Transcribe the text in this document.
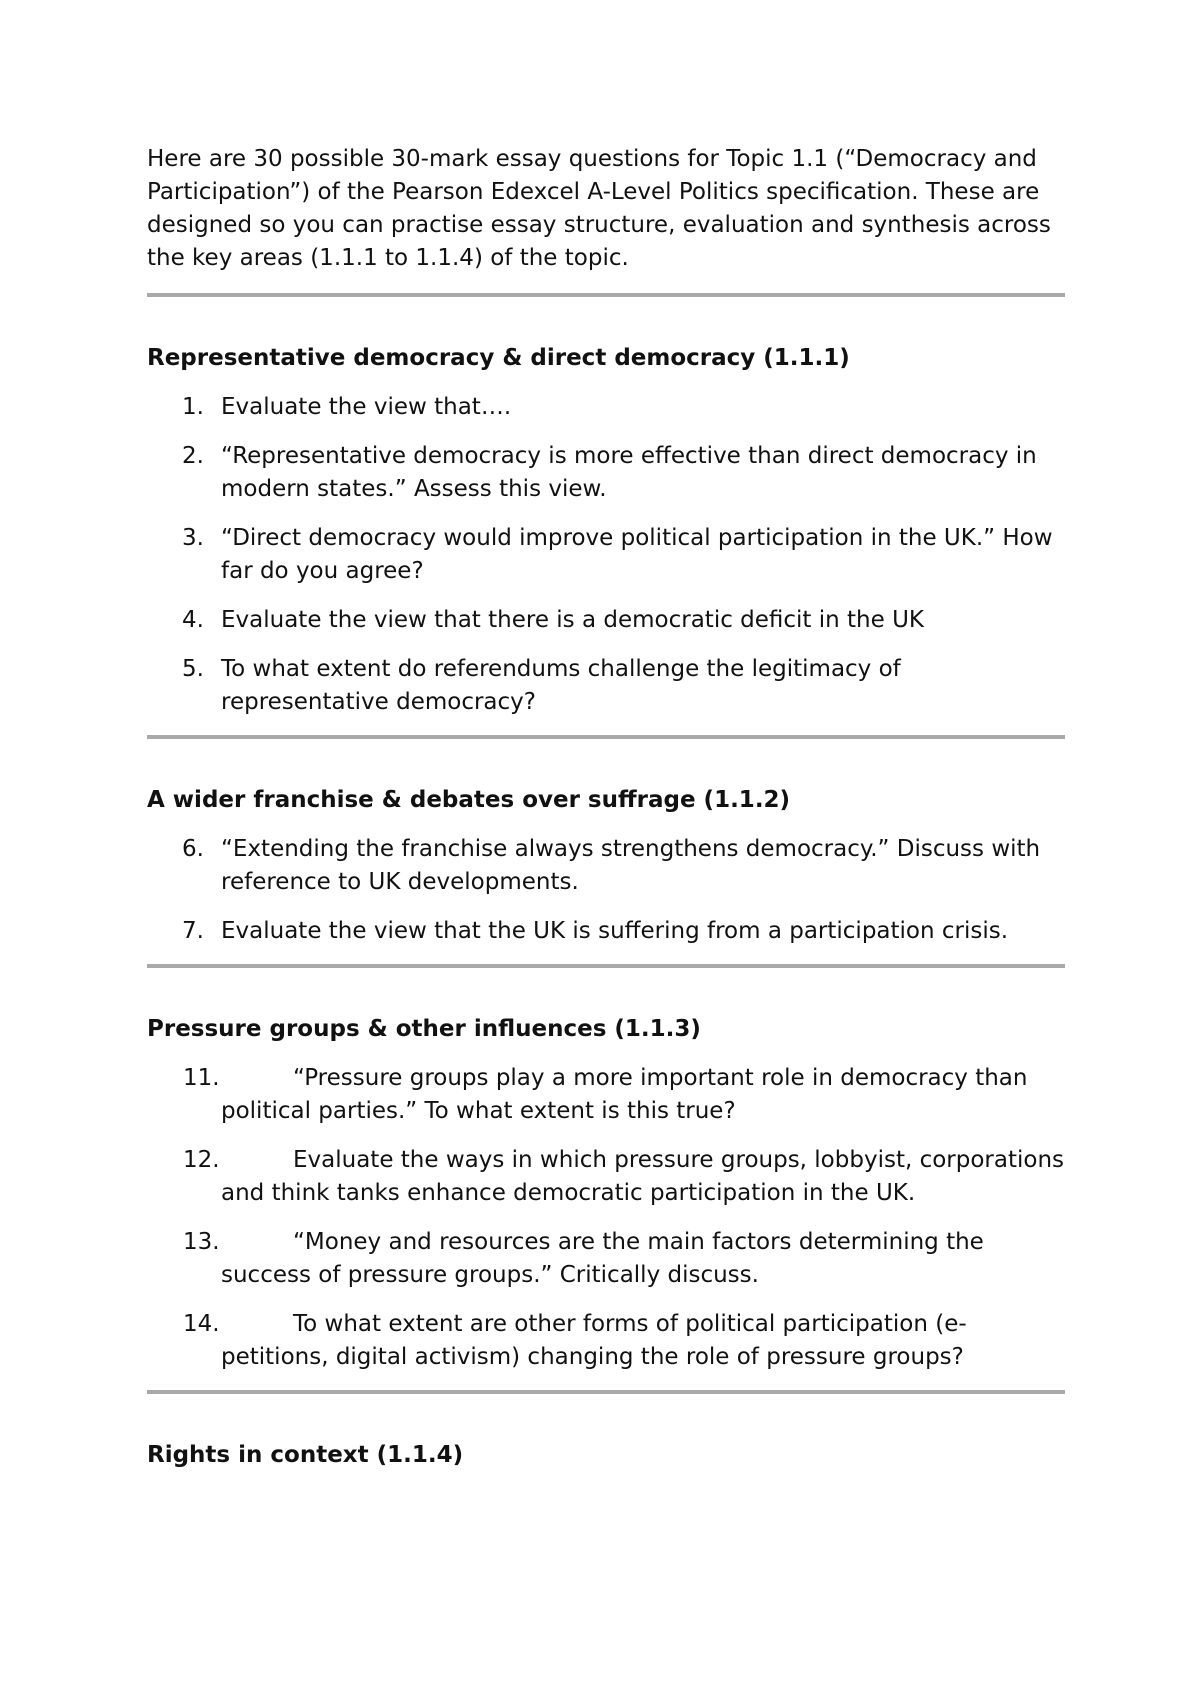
Here are 30 possible 30-mark essay questions for Topic 1.1 (“Democracy and Participation”) of the Pearson Edexcel A-Level Politics specification. These are designed so you can practise essay structure, evaluation and synthesis across the key areas (1.1.1 to 1.1.4) of the topic.

Representative democracy & direct democracy (1.1.1)
1. Evaluate the view that….
2. “Representative democracy is more effective than direct democracy in modern states.” Assess this view.
3. “Direct democracy would improve political participation in the UK.” How far do you agree?
4. Evaluate the view that there is a democratic deficit in the UK
5. To what extent do referendums challenge the legitimacy of representative democracy?
A wider franchise & debates over suffrage (1.1.2)
6. “Extending the franchise always strengthens democracy.” Discuss with reference to UK developments.
7. Evaluate the view that the UK is suffering from a participation crisis.
Pressure groups & other influences (1.1.3)
11.	“Pressure groups play a more important role in democracy than political parties.” To what extent is this true?
12.	Evaluate the ways in which pressure groups, lobbyist, corporations and think tanks enhance democratic participation in the UK.
13.	“Money and resources are the main factors determining the success of pressure groups.” Critically discuss.
14.	To what extent are other forms of political participation (e-petitions, digital activism) changing the role of pressure groups?
Rights in context (1.1.4)
